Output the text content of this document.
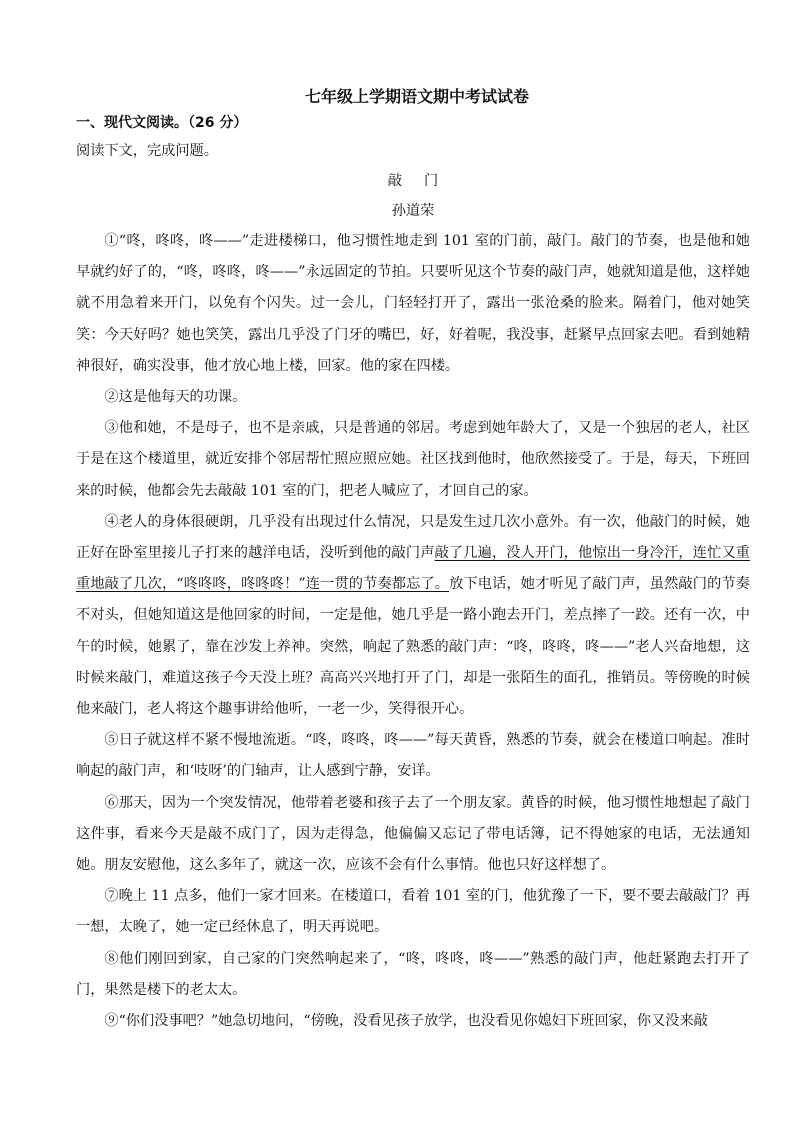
七年级上学期语文期中考试试卷

一、现代文阅读。（26 分）

阅读下文，完成问题。

敲 门

孙道荣

①“咚，咚咚，咚——”走进楼梯口，他习惯性地走到 101 室的门前，敲门。敲门的节奏，也是他和她早就约好了的，“咚，咚咚，咚——”永远固定的节拍。只要听见这个节奏的敲门声，她就知道是他，这样她就不用急着来开门，以免有个闪失。过一会儿，门轻轻打开了，露出一张沧桑的脸来。隔着门，他对她笑笑：今天好吗？她也笑笑，露出几乎没了门牙的嘴巴，好，好着呢，我没事，赶紧早点回家去吧。看到她精神很好，确实没事，他才放心地上楼，回家。他的家在四楼。

②这是他每天的功课。

③他和她，不是母子，也不是亲戚，只是普通的邻居。考虑到她年龄大了，又是一个独居的老人，社区于是在这个楼道里，就近安排个邻居帮忙照应照应她。社区找到他时，他欣然接受了。于是，每天，下班回来的时候，他都会先去敲敲 101 室的门，把老人喊应了，才回自己的家。

④老人的身体很硬朗，几乎没有出现过什么情况，只是发生过几次小意外。有一次，他敲门的时候，她正好在卧室里接儿子打来的越洋电话，没听到他的敲门声敲了几遍，没人开门，他惊出一身冷汗，连忙又重重地敲了几次，“咚咚咚，咚咚咚！”连一贯的节奏都忘了。放下电话，她才听见了敲门声，虽然敲门的节奏不对头，但她知道这是他回家的时间，一定是他，她几乎是一路小跑去开门，差点摔了一跤。还有一次，中午的时候，她累了，靠在沙发上养神。突然，响起了熟悉的敲门声：“咚，咚咚，咚——”老人兴奋地想，这时候来敲门，难道这孩子今天没上班？高高兴兴地打开了门，却是一张陌生的面孔，推销员。等傍晚的时候他来敲门，老人将这个趣事讲给他听，一老一少，笑得很开心。

⑤日子就这样不紧不慢地流逝。“咚，咚咚，咚——”每天黄昏，熟悉的节奏，就会在楼道口响起。准时响起的敲门声，和‘吱呀’的门轴声，让人感到宁静，安详。

⑥那天，因为一个突发情况，他带着老婆和孩子去了一个朋友家。黄昏的时候，他习惯性地想起了敲门这件事，看来今天是敲不成门了，因为走得急，他偏偏又忘记了带电话簿，记不得她家的电话，无法通知她。朋友安慰他，这么多年了，就这一次，应该不会有什么事情。他也只好这样想了。

⑦晚上 11 点多，他们一家才回来。在楼道口，看着 101 室的门，他犹豫了一下，要不要去敲敲门？再一想，太晚了，她一定已经休息了，明天再说吧。

⑧他们刚回到家，自己家的门突然响起来了，“咚，咚咚，咚——”熟悉的敲门声，他赶紧跑去打开了门，果然是楼下的老太太。

⑨“你们没事吧？”她急切地问，“傍晚，没看见孩子放学，也没看见你媳妇下班回家，你又没来敲
